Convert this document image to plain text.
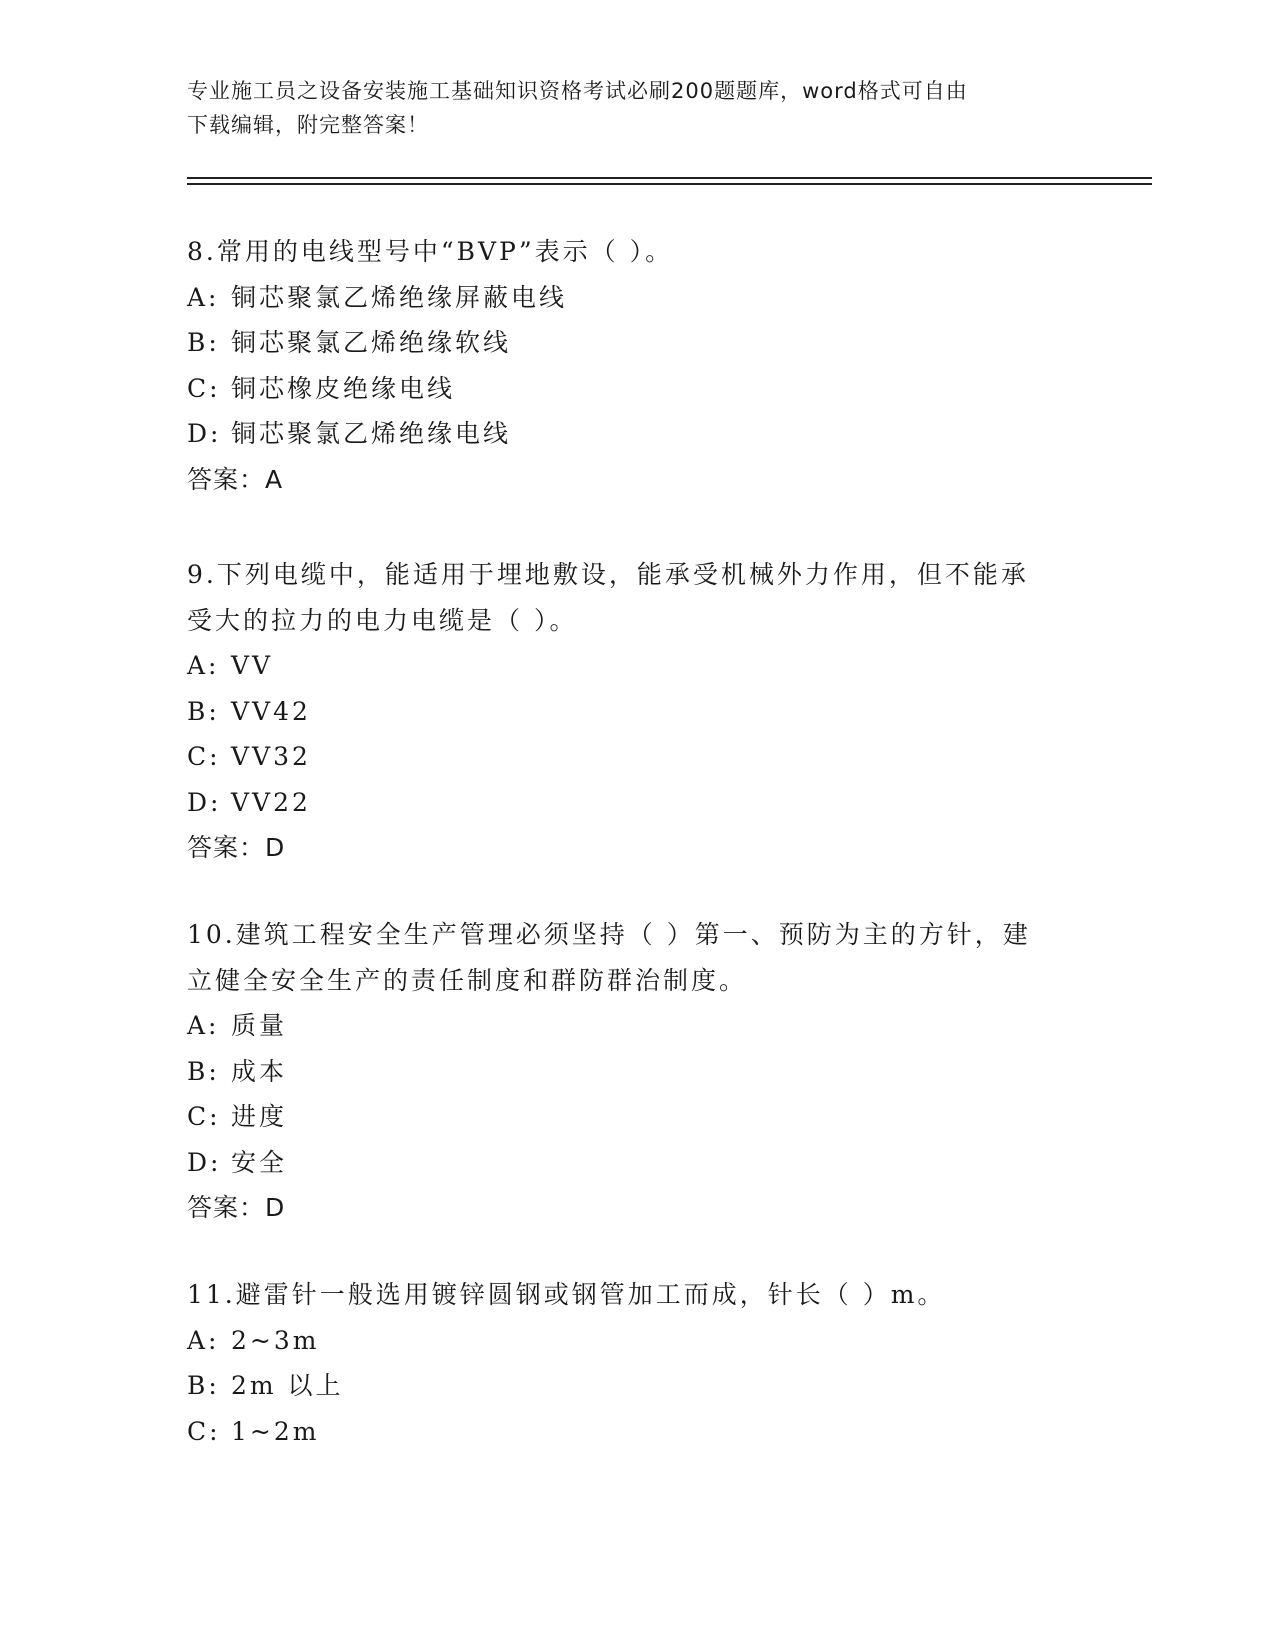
专业施工员之设备安装施工基础知识资格考试必刷200题题库，word格式可自由
下载编辑，附完整答案！
8.常用的电线型号中“BVP”表示（ ）。
A: 铜芯聚氯乙烯绝缘屏蔽电线
B: 铜芯聚氯乙烯绝缘软线
C: 铜芯橡皮绝缘电线
D: 铜芯聚氯乙烯绝缘电线
答案：A
9.下列电缆中，能适用于埋地敷设，能承受机械外力作用，但不能承
受大的拉力的电力电缆是（ ）。
A: VV
B: VV42
C: VV32
D: VV22
答案：D
10.建筑工程安全生产管理必须坚持（ ）第一、预防为主的方针，建
立健全安全生产的责任制度和群防群治制度。
A: 质量
B: 成本
C: 进度
D: 安全
答案：D
11.避雷针一般选用镀锌圆钢或钢管加工而成，针长（ ）m。
A: 2~3m
B: 2m 以上
C: 1~2m
